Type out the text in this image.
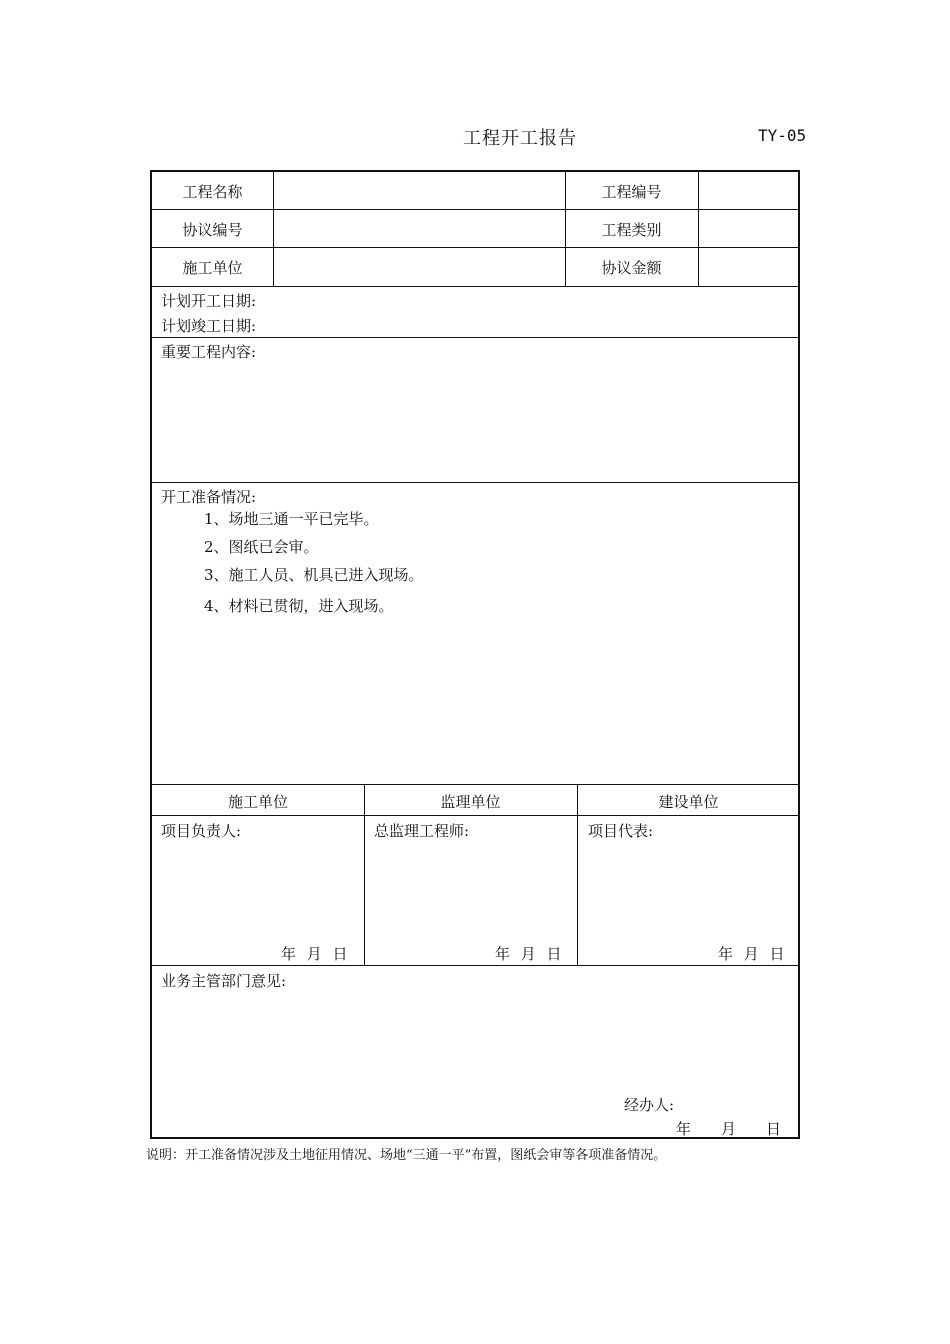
工程开工报告	TY-05
工程名称	工程编号
协议编号	工程类别
施工单位	协议金额
计划开工日期:
计划竣工日期:
重要工程内容:
开工准备情况:
1、场地三通一平已完毕。
2、图纸已会审。
3、施工人员、机具已进入现场。
4、材料已贯彻，进入现场。
施工单位	监理单位	建设单位
项目负责人:	总监理工程师:	项目代表:
年 月 日	年 月 日	年 月 日
业务主管部门意见:
经办人:
年　　月　　日
说明：开工准备情况涉及土地征用情况、场地“三通一平”布置，图纸会审等各项准备情况。
